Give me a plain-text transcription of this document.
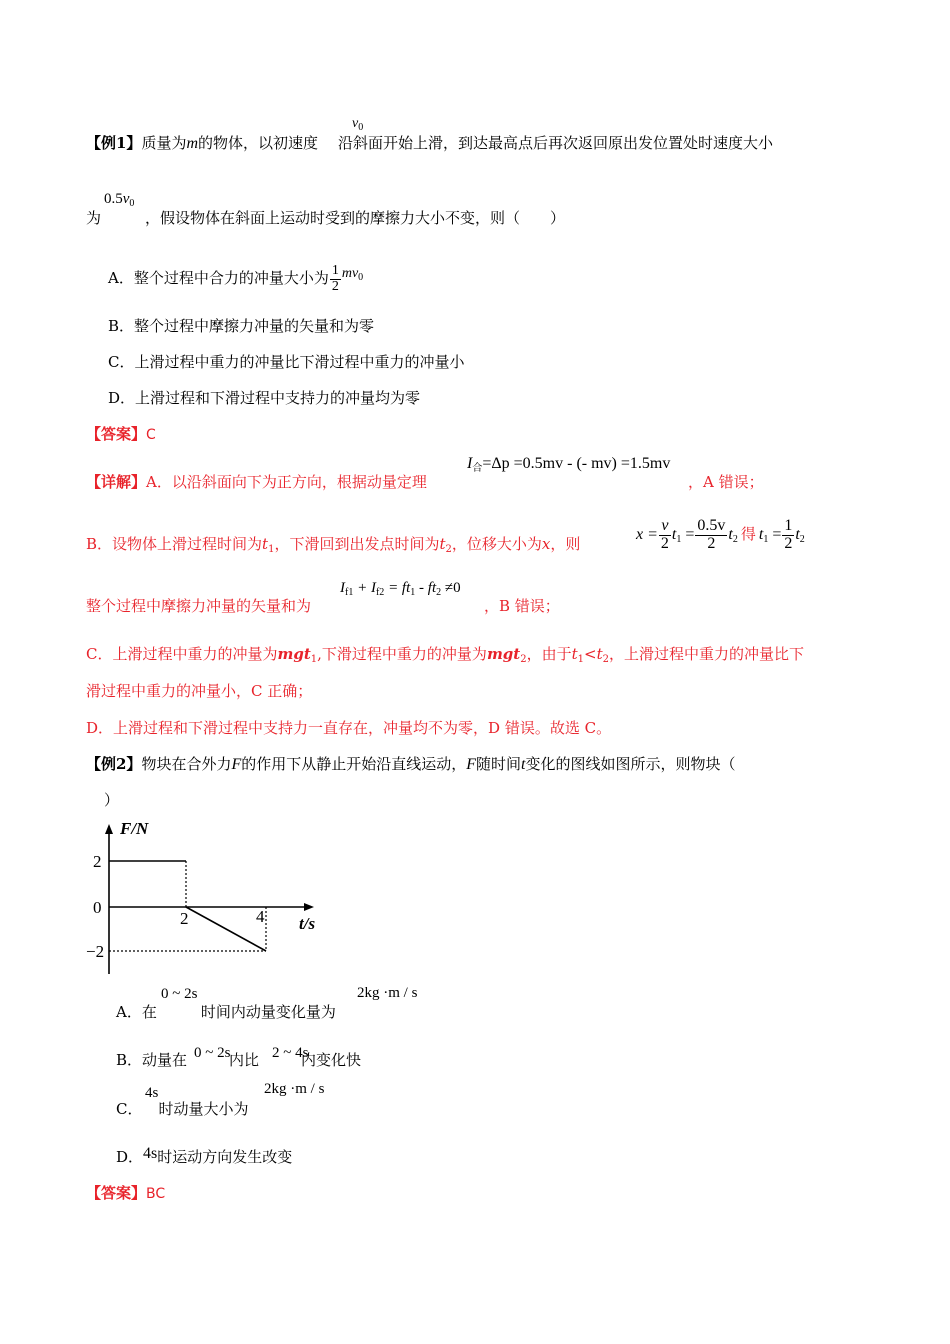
【例1】质量为m的物体，以初速度 沿斜面开始上滑，到达最高点后再次返回原出发位置处时速度大小
$v_0$
为	，假设物体在斜面上运动时受到的摩擦力大小不变，则（　　）
$0.5v_0$
A．整个过程中合力的冲量大小为 $\frac{1}{2} mv_0$
B．整个过程中摩擦力冲量的矢量和为零
C．上滑过程中重力的冲量比下滑过程中重力的冲量小
D．上滑过程和下滑过程中支持力的冲量均为零
【答案】C
【详解】A．以沿斜面向下为正方向，根据动量定理
$I_合=\Delta p =0.5mv$ - (- mv) =1.5mv
，A 错误；
B．设物体上滑过程时间为$t_1$，下滑回到出发点时间为$t_2$，位移大小为x，则
$x = \frac{v}{2} t_1 = \frac{0.5v}{2} t_2$ 得 $t_1 = \frac{1}{2} t_2$
整个过程中摩擦力冲量的矢量和为
$I_{f1} + I_{f2} = ft_1 - ft_2 \ne 0$
，B 错误；
C．上滑过程中重力的冲量为mgt$_1$,下滑过程中重力的冲量为mgt$_2$，由于$t_1<t_2$，上滑过程中重力的冲量比下
滑过程中重力的冲量小，C 正确；
D．上滑过程和下滑过程中支持力一直存在，冲量均不为零，D 错误。故选 C。
【例2】物块在合外力F的作用下从静止开始沿直线运动，F随时间t变化的图线如图所示，则物块（
）
F/N
t/s
2
0
−2
2	4
A．在	时间内动量变化量为
0 ~ 2s	2kg ·m / s
B．动量在	内比	内变化快
0 ~ 2s	2 ~ 4s
C． 时动量大小为
4s	2kg ·m / s
D．4s时运动方向发生改变
【答案】BC
